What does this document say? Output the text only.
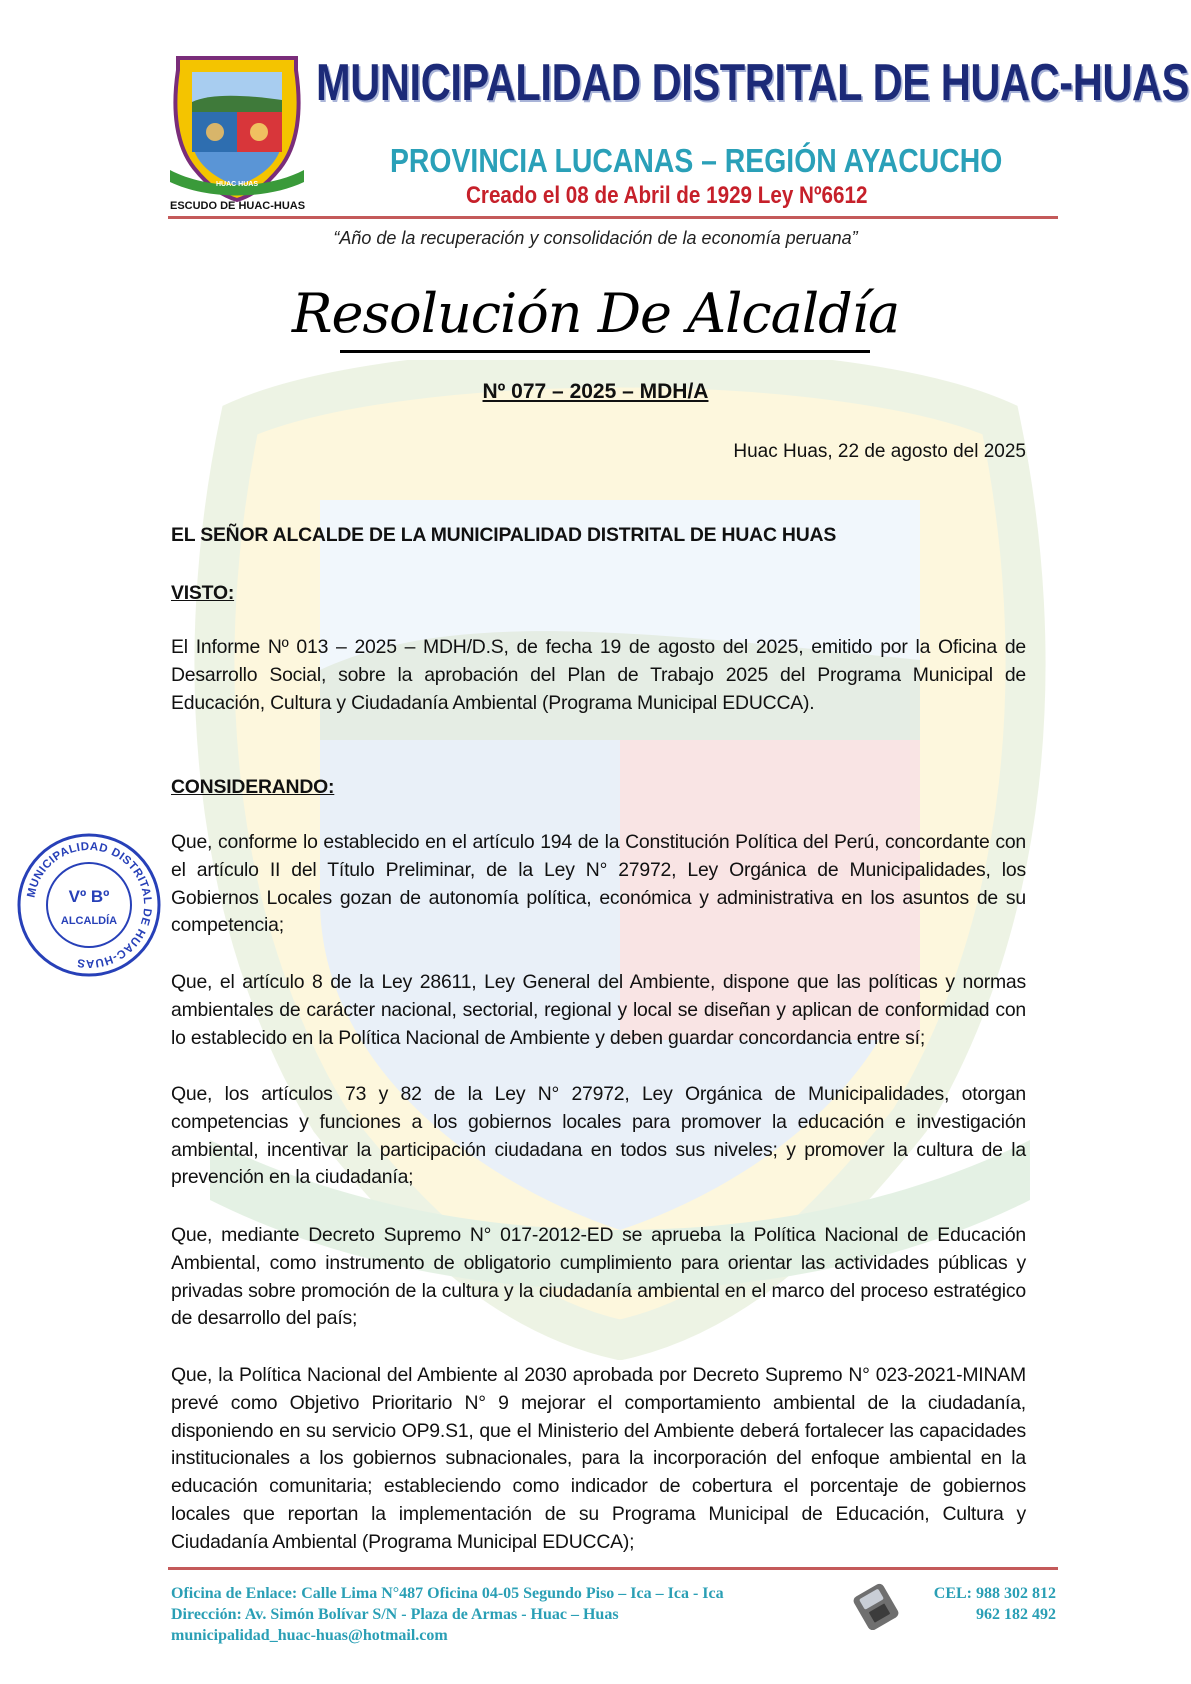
HUAC HUAS
ESCUDO DE HUAC-HUAS
MUNICIPALIDAD DISTRITAL DE HUAC-HUAS
PROVINCIA LUCANAS – REGIÓN AYACUCHO
Creado el 08 de Abril de 1929 Ley Nº6612
“Año de la recuperación y consolidación de la economía peruana”
Resolución De Alcaldía
Nº 077 – 2025 – MDH/A
Huac Huas, 22 de agosto del 2025
EL SEÑOR ALCALDE DE LA MUNICIPALIDAD DISTRITAL DE HUAC HUAS
VISTO:
El Informe Nº 013 – 2025 – MDH/D.S, de fecha 19 de agosto del 2025, emitido por la Oficina de Desarrollo Social, sobre la aprobación del Plan de Trabajo 2025 del Programa Municipal de Educación, Cultura y Ciudadanía Ambiental (Programa Municipal EDUCCA).
CONSIDERANDO:
Que, conforme lo establecido en el artículo 194 de la Constitución Política del Perú, concordante con el artículo II del Título Preliminar, de la Ley N° 27972, Ley Orgánica de Municipalidades, los Gobiernos Locales gozan de autonomía política, económica y administrativa en los asuntos de su competencia;
Que, el artículo 8 de la Ley 28611, Ley General del Ambiente, dispone que las políticas y normas ambientales de carácter nacional, sectorial, regional y local se diseñan y aplican de conformidad con lo establecido en la Política Nacional de Ambiente y deben guardar concordancia entre sí;
Que, los artículos 73 y 82 de la Ley N° 27972, Ley Orgánica de Municipalidades, otorgan competencias y funciones a los gobiernos locales para promover la educación e investigación ambiental, incentivar la participación ciudadana en todos sus niveles; y promover la cultura de la prevención en la ciudadanía;
Que, mediante Decreto Supremo N° 017-2012-ED se aprueba la Política Nacional de Educación Ambiental, como instrumento de obligatorio cumplimiento para orientar las actividades públicas y privadas sobre promoción de la cultura y la ciudadanía ambiental en el marco del proceso estratégico de desarrollo del país;
Que, la Política Nacional del Ambiente al 2030 aprobada por Decreto Supremo N° 023-2021-MINAM prevé como Objetivo Prioritario N° 9 mejorar el comportamiento ambiental de la ciudadanía, disponiendo en su servicio OP9.S1, que el Ministerio del Ambiente deberá fortalecer las capacidades institucionales a los gobiernos subnacionales, para la incorporación del enfoque ambiental en la educación comunitaria; estableciendo como indicador de cobertura el porcentaje de gobiernos locales que reportan la implementación de su Programa Municipal de Educación, Cultura y Ciudadanía Ambiental (Programa Municipal EDUCCA);
MUNICIPALIDAD DISTRITAL DE HUAC-HUAS
Vº Bº
ALCALDÍA
Oficina de Enlace: Calle Lima N°487 Oficina 04-05 Segundo Piso – Ica – Ica - Ica
Dirección: Av. Simón Bolívar S/N - Plaza de Armas - Huac – Huas
municipalidad_huac-huas@hotmail.com
CEL: 988 302 812
962 182 492
